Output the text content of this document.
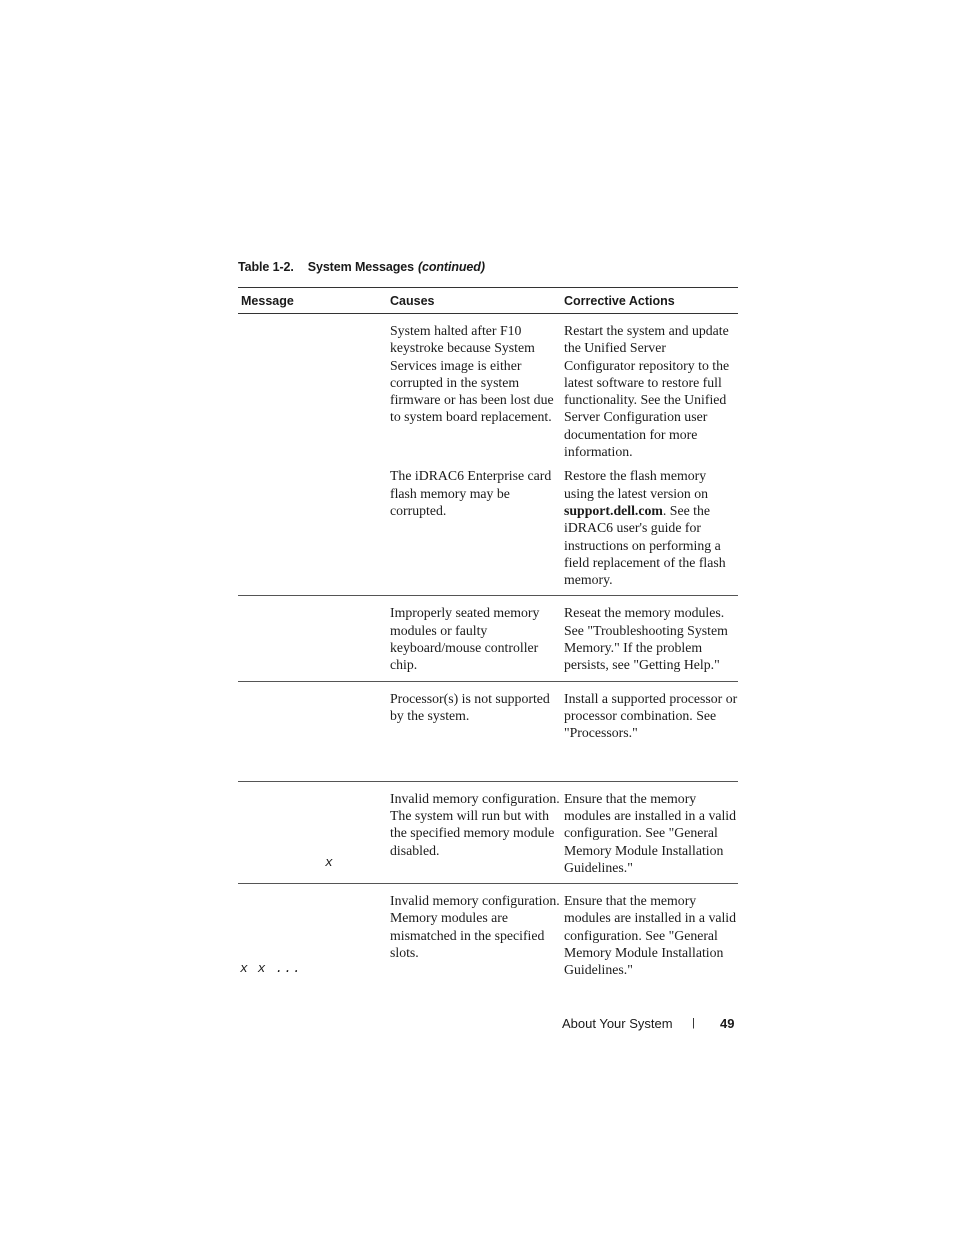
Table 1-2. System Messages (continued)
Message	Causes	Corrective Actions
System halted after F10 keystroke because System Services image is either corrupted in the system firmware or has been lost due to system board replacement.
Restart the system and update the Unified Server Configurator repository to the latest software to restore full functionality. See the Unified Server Configuration user documentation for more information.
The iDRAC6 Enterprise card flash memory may be corrupted.
Restore the flash memory using the latest version on support.dell.com. See the iDRAC6 user's guide for instructions on performing a field replacement of the flash memory.
Improperly seated memory modules or faulty keyboard/mouse controller chip.
Reseat the memory modules. See "Troubleshooting System Memory." If the problem persists, see "Getting Help."
Processor(s) is not supported by the system.
Install a supported processor or processor combination. See "Processors."
x
Invalid memory configuration. The system will run but with the specified memory module disabled.
Ensure that the memory modules are installed in a valid configuration. See "General Memory Module Installation Guidelines."
Invalid memory configuration. Memory modules are mismatched in the specified slots.
Ensure that the memory modules are installed in a valid configuration. See "General Memory Module Installation Guidelines."
x x ...
About Your System | 49
